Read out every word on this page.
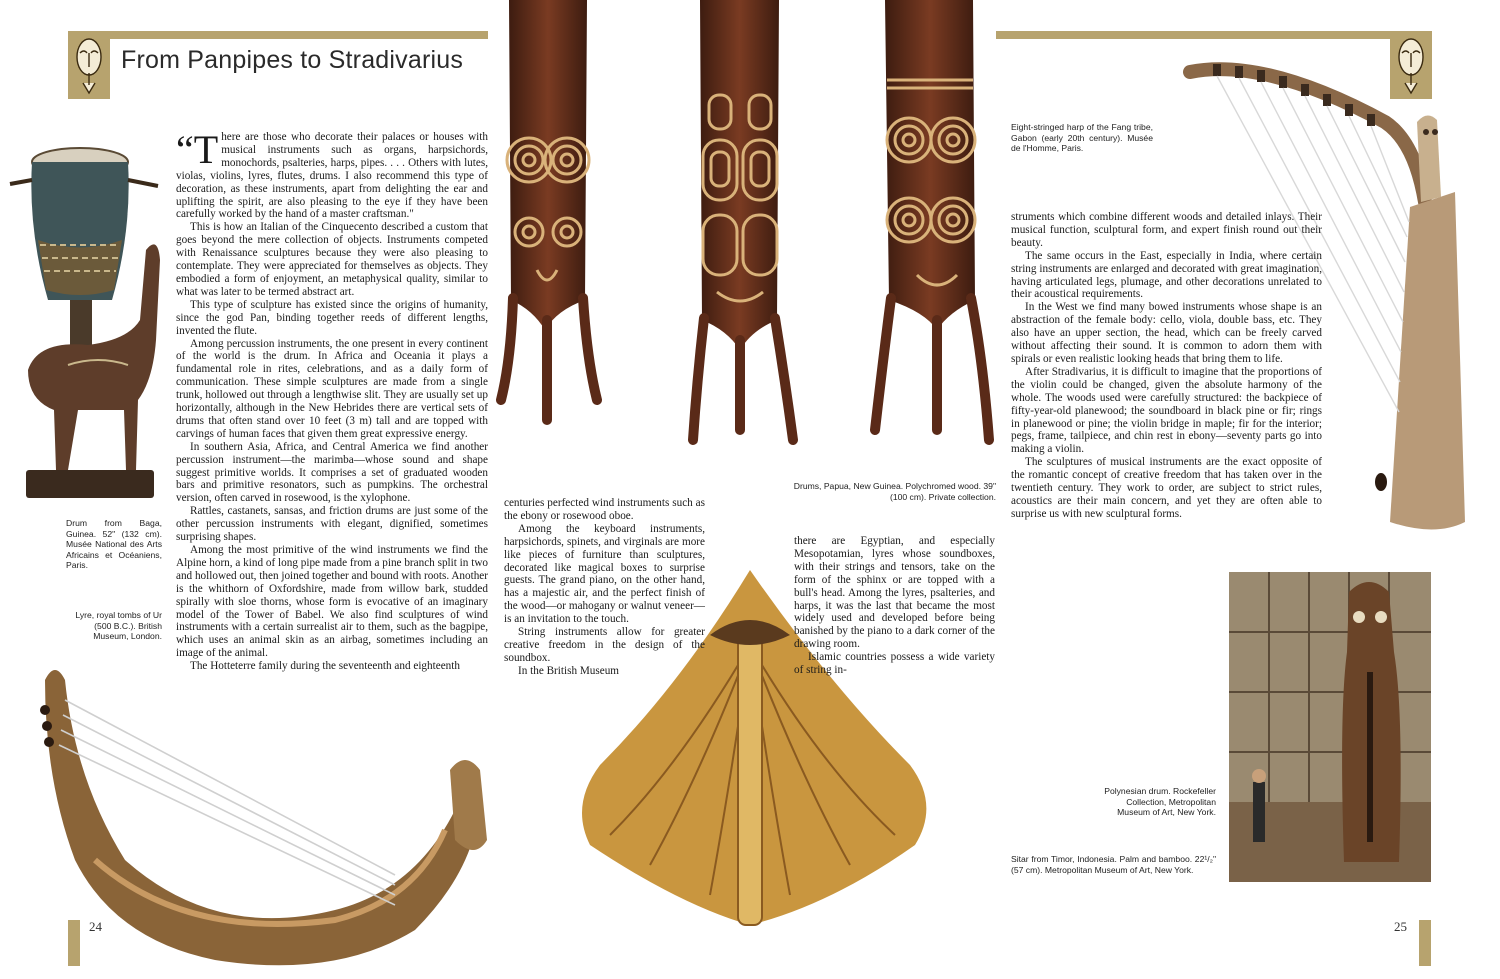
From Panpipes to Stradivarius

“There are those who decorate their palaces or houses with musical instruments such as organs, harpsichords, monochords, psalteries, harps, pipes. . . . Others with lutes, violas, violins, lyres, flutes, drums. I also recommend this type of decoration, as these instruments, apart from delighting the ear and uplifting the spirit, are also pleasing to the eye if they have been carefully worked by the hand of a master craftsman."

This is how an Italian of the Cinquecento described a custom that goes beyond the mere collection of objects. Instruments competed with Renaissance sculptures because they were also pleasing to contemplate. They were appreciated for themselves as objects. They embodied a form of enjoyment, an metaphysical quality, similar to what was later to be termed abstract art.

This type of sculpture has existed since the origins of humanity, since the god Pan, binding together reeds of different lengths, invented the flute.

Among percussion instruments, the one present in every continent of the world is the drum. In Africa and Oceania it plays a fundamental role in rites, celebrations, and as a daily form of communication. These simple sculptures are made from a single trunk, hollowed out through a lengthwise slit. They are usually set up horizontally, although in the New Hebrides there are vertical sets of drums that often stand over 10 feet (3 m) tall and are topped with carvings of human faces that given them great expressive energy.

In southern Asia, Africa, and Central America we find another percussion instrument—the marimba—whose sound and shape suggest primitive worlds. It comprises a set of graduated wooden bars and primitive resonators, such as pumpkins. The orchestral version, often carved in rosewood, is the xylophone.

Rattles, castanets, sansas, and friction drums are just some of the other percussion instruments with elegant, dignified, sometimes surprising shapes.

Among the most primitive of the wind instruments we find the Alpine horn, a kind of long pipe made from a pine branch split in two and hollowed out, then joined together and bound with roots. Another is the whithorn of Oxfordshire, made from willow bark, studded spirally with sloe thorns, whose form is evocative of an imaginary model of the Tower of Babel. We also find sculptures of wind instruments with a certain surrealist air to them, such as the bagpipe, which uses an animal skin as an airbag, sometimes including an image of the animal.

The Hotteterre family during the seventeenth and eighteenth

centuries perfected wind instruments such as the ebony or rosewood oboe.

Among the keyboard instruments, harpsichords, spinets, and virginals are more like pieces of furniture than sculptures, decorated like magical boxes to surprise guests. The grand piano, on the other hand, has a majestic air, and the perfect finish of the wood—or mahogany or walnut veneer—is an invitation to the touch.

String instruments allow for greater creative freedom in the design of the soundbox.

In the British Museum

there are Egyptian, and especially Mesopotamian, lyres whose soundboxes, with their strings and tensors, take on the form of the sphinx or are topped with a bull's head. Among the lyres, psalteries, and harps, it was the last that became the most widely used and developed before being banished by the piano to a dark corner of the drawing room.

Islamic countries possess a wide variety of string in-

struments which combine different woods and detailed inlays. Their musical function, sculptural form, and expert finish round out their beauty.

The same occurs in the East, especially in India, where certain string instruments are enlarged and decorated with great imagination, having articulated legs, plumage, and other decorations unrelated to their acoustical requirements.

In the West we find many bowed instruments whose shape is an abstraction of the female body: cello, viola, double bass, etc. They also have an upper section, the head, which can be freely carved without affecting their sound. It is common to adorn them with spirals or even realistic looking heads that bring them to life.

After Stradivarius, it is difficult to imagine that the proportions of the violin could be changed, given the absolute harmony of the whole. The woods used were carefully structured: the backpiece of fifty-year-old planewood; the soundboard in black pine or fir; rings in planewood or pine; the violin bridge in maple; fir for the interior; pegs, frame, tailpiece, and chin rest in ebony—seventy parts go into making a violin.

The sculptures of musical instruments are the exact opposite of the romantic concept of creative freedom that has taken over in the twentieth century. They work to order, are subject to strict rules, acoustics are their main concern, and yet they are often able to surprise us with new sculptural forms.

Drum from Baga, Guinea. 52" (132 cm). Musée National des Arts Africains et Océaniens, Paris.
Lyre, royal tombs of Ur (500 B.C.). British Museum, London.
Drums, Papua, New Guinea. Polychromed wood. 39" (100 cm). Private collection.
Eight-stringed harp of the Fang tribe, Gabon (early 20th century). Musée de l'Homme, Paris.
Polynesian drum. Rockefeller Collection, Metropolitan Museum of Art, New York.
Sitar from Timor, Indonesia. Palm and bamboo. 22¹/₂" (57 cm). Metropolitan Museum of Art, New York.
24	25
